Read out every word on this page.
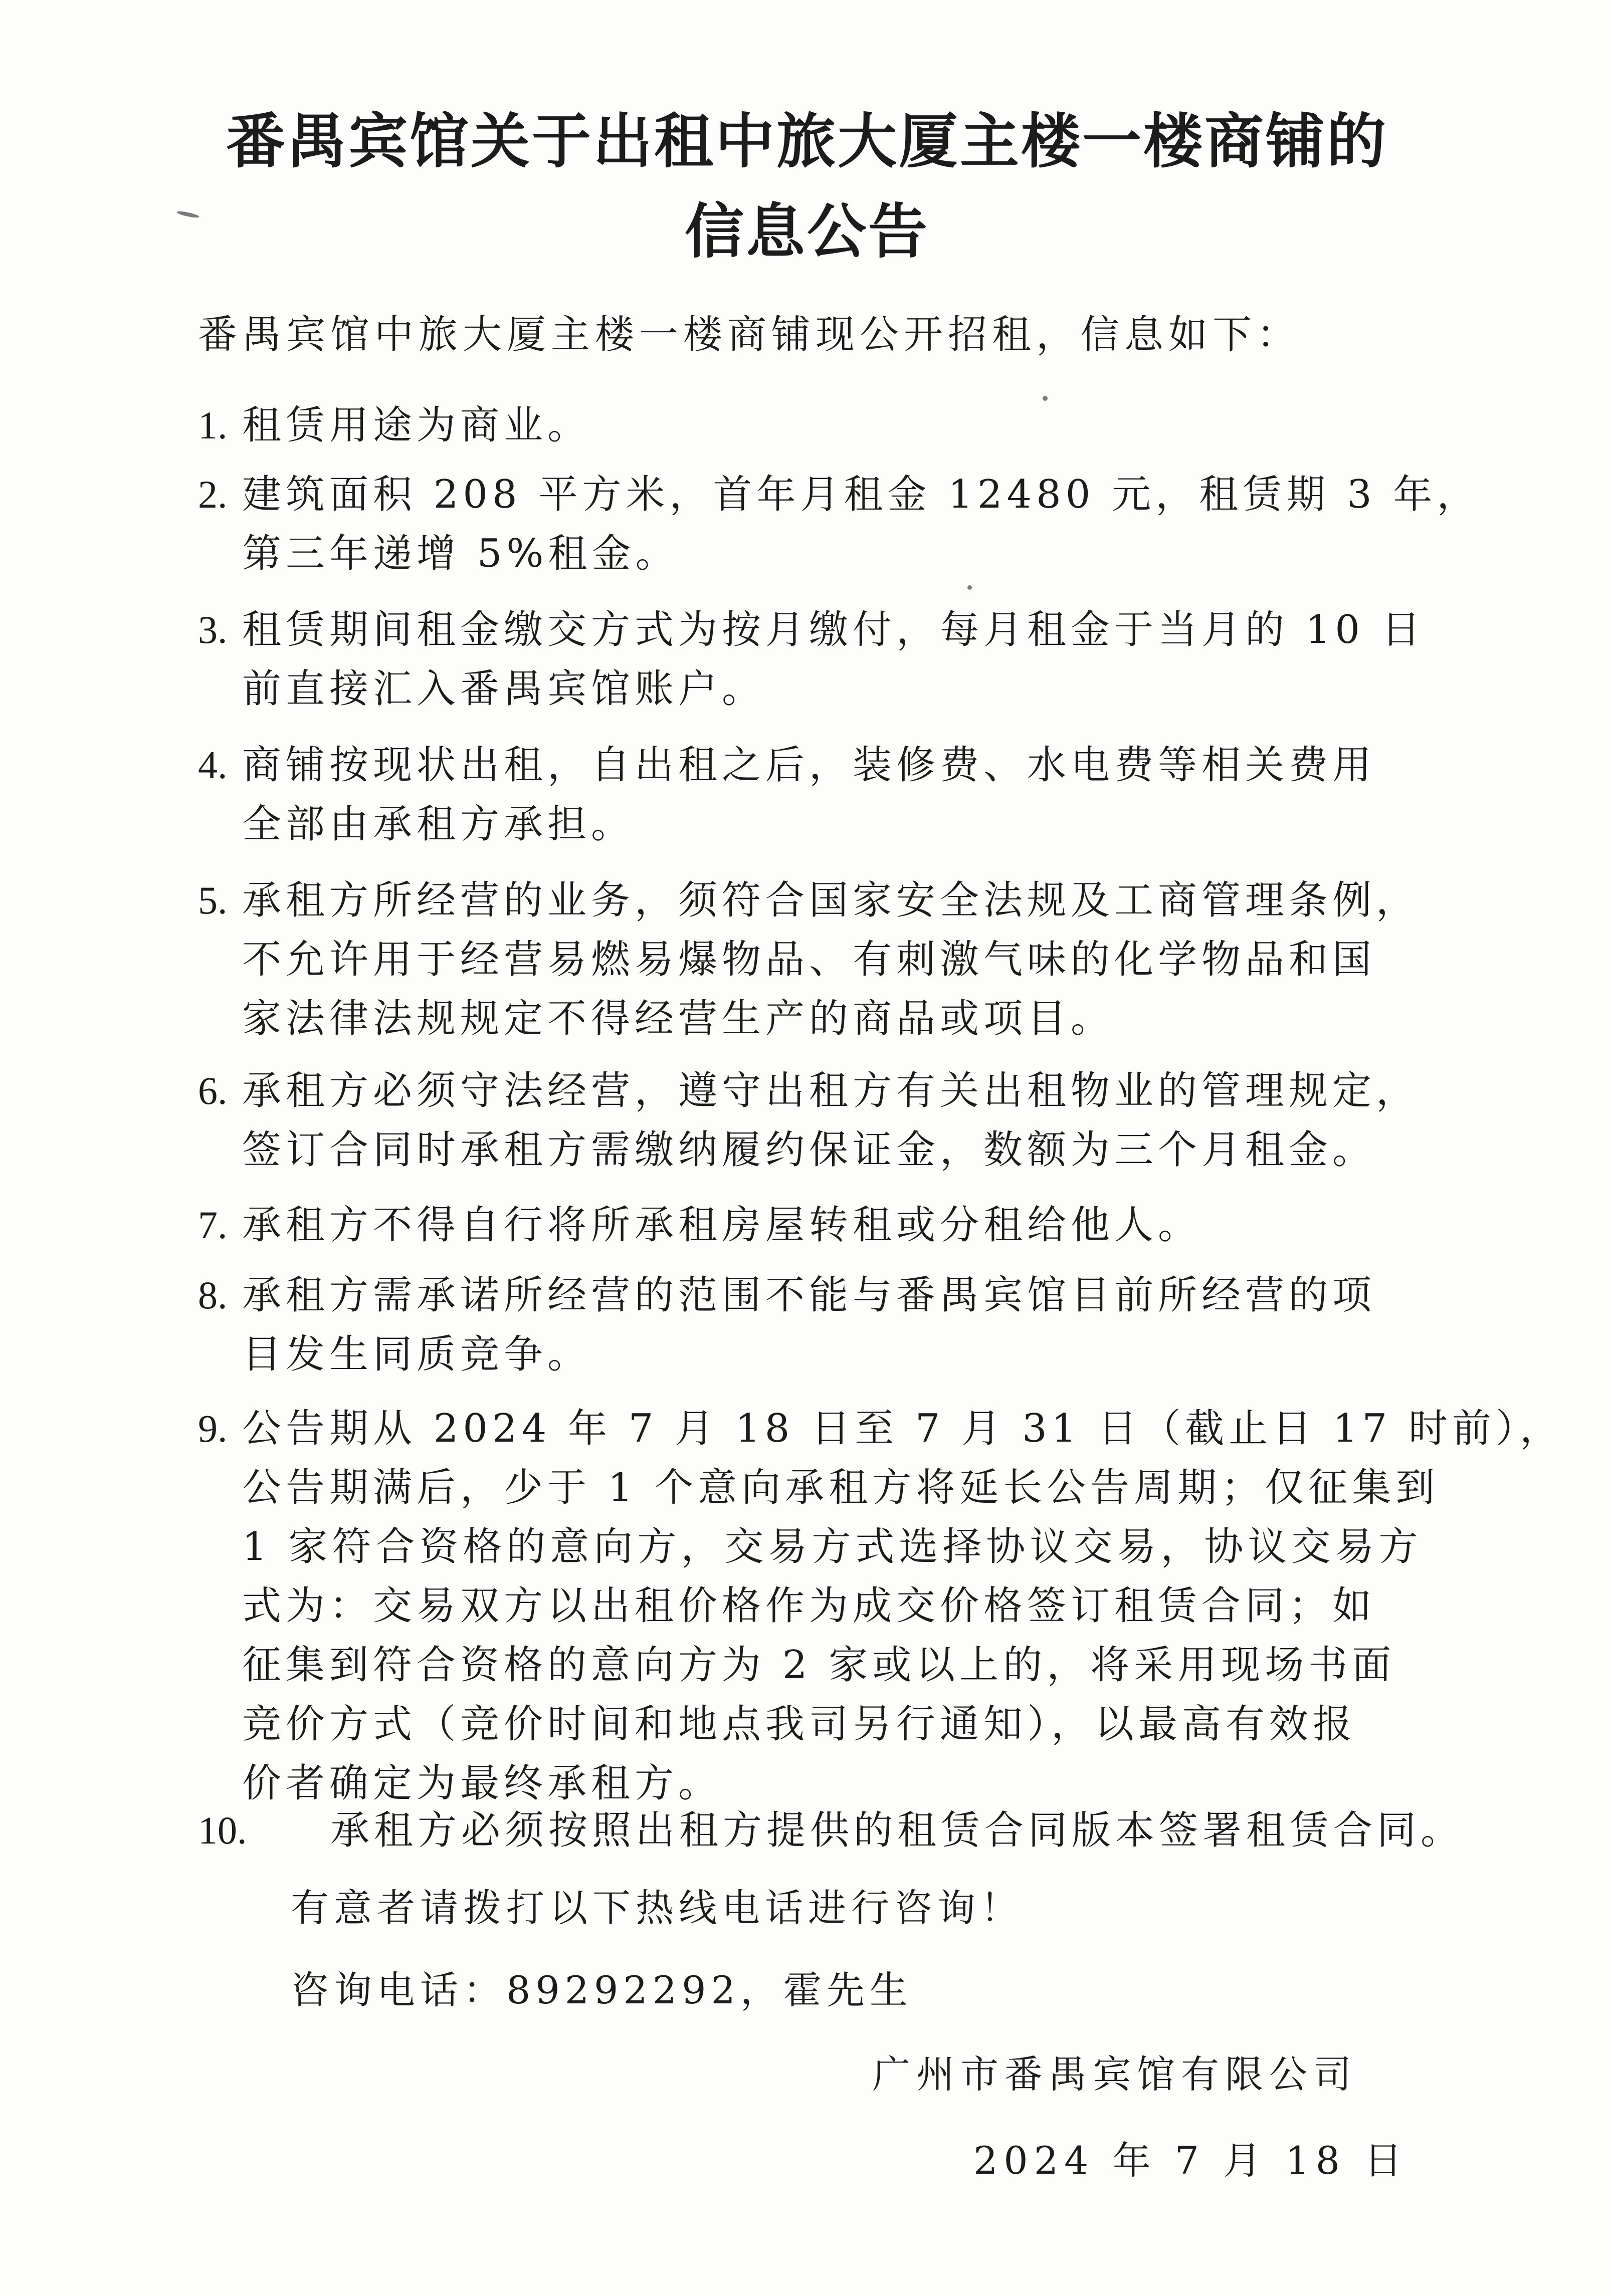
番禺宾馆关于出租中旅大厦主楼一楼商铺的
信息公告
番禺宾馆中旅大厦主楼一楼商铺现公开招租，信息如下：
1. 租赁用途为商业。
2. 建筑面积 208 平方米，首年月租金 12480 元，租赁期 3 年，
第三年递增 5%租金。
3. 租赁期间租金缴交方式为按月缴付，每月租金于当月的 10 日
前直接汇入番禺宾馆账户。
4. 商铺按现状出租，自出租之后，装修费、水电费等相关费用
全部由承租方承担。
5. 承租方所经营的业务，须符合国家安全法规及工商管理条例，
不允许用于经营易燃易爆物品、有刺激气味的化学物品和国
家法律法规规定不得经营生产的商品或项目。
6. 承租方必须守法经营，遵守出租方有关出租物业的管理规定，
签订合同时承租方需缴纳履约保证金，数额为三个月租金。
7. 承租方不得自行将所承租房屋转租或分租给他人。
8. 承租方需承诺所经营的范围不能与番禺宾馆目前所经营的项
目发生同质竞争。
9. 公告期从 2024 年 7 月 18 日至 7 月 31 日（截止日 17 时前），
公告期满后，少于 1 个意向承租方将延长公告周期；仅征集到
1 家符合资格的意向方，交易方式选择协议交易，协议交易方
式为：交易双方以出租价格作为成交价格签订租赁合同；如
征集到符合资格的意向方为 2 家或以上的，将采用现场书面
竞价方式（竞价时间和地点我司另行通知），以最高有效报
价者确定为最终承租方。
10. 承租方必须按照出租方提供的租赁合同版本签署租赁合同。
有意者请拨打以下热线电话进行咨询！
咨询电话：89292292，霍先生
广州市番禺宾馆有限公司
2024 年 7 月 18 日
